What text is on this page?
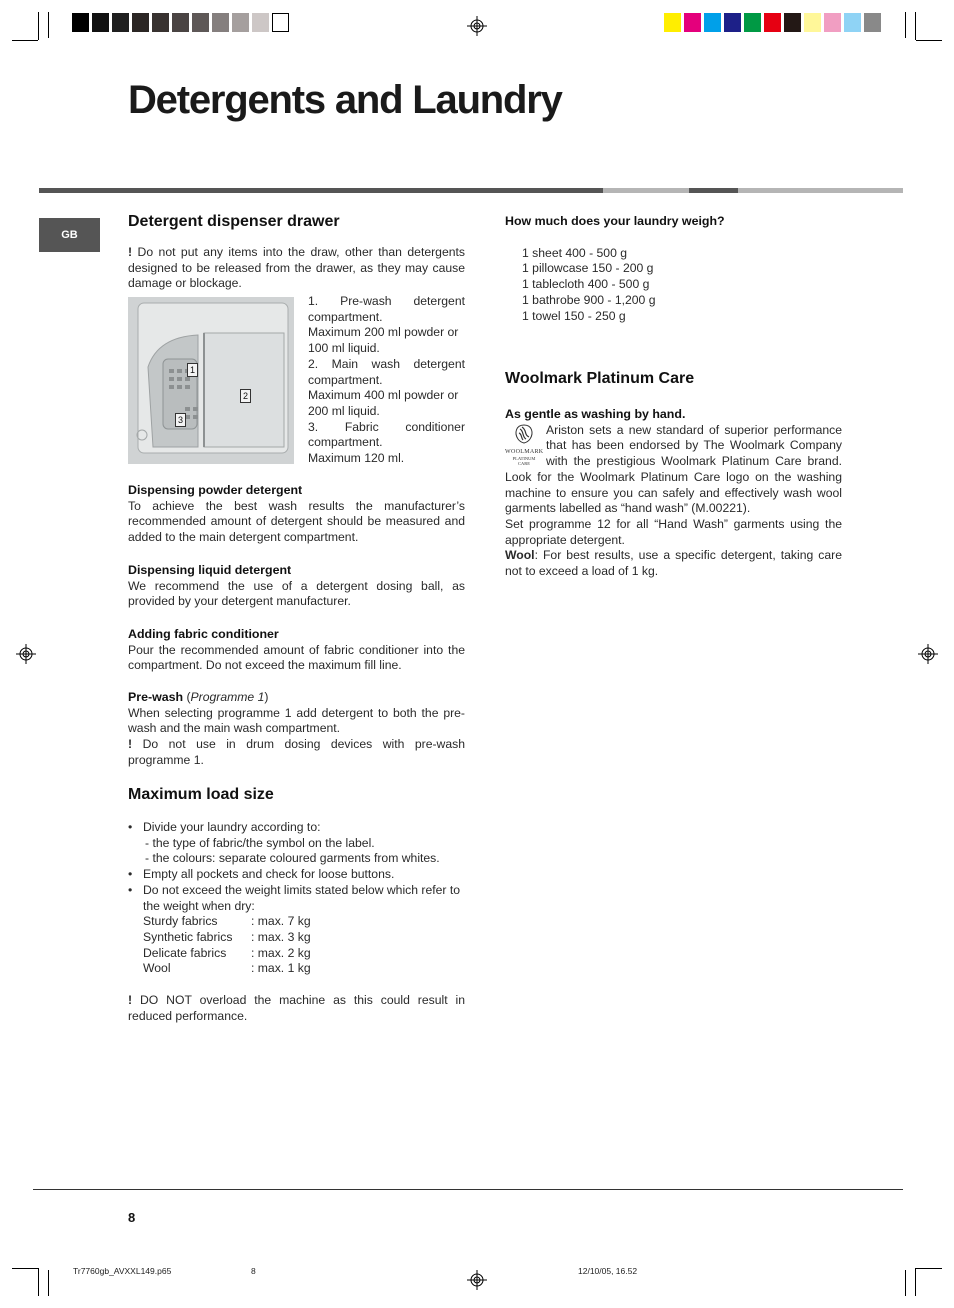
Detergents and Laundry
GB
Detergent dispenser drawer

! Do not put any items into the draw, other than detergents designed to be released from the drawer, as they may cause damage or blockage.

1
2
3
1. Pre-wash detergent compartment.
Maximum 200 ml powder or 100 ml liquid.
2. Main wash detergent compartment.
Maximum 400 ml powder or 200 ml liquid.
3. Fabric conditioner compartment.
Maximum 120 ml.
Dispensing powder detergent

To achieve the best wash results the manufacturer’s recommended amount of detergent should be measured and added to the main detergent compartment.

Dispensing liquid detergent

We recommend the use of a detergent dosing ball, as provided by your detergent manufacturer.

Adding fabric conditioner

Pour the recommended amount of fabric conditioner into the compartment. Do not exceed the maximum fill line.

Pre-wash (Programme 1)

When selecting programme 1 add detergent to both the pre-wash and the main wash compartment.

! Do not use in drum dosing devices with pre-wash programme 1.

Maximum load size
• Divide your laundry according to:
- the type of fabric/the symbol on the label.
- the colours: separate coloured garments from whites.
• Empty all pockets and check for loose buttons.
• Do not exceed the weight limits stated below which refer to the weight when dry:
Sturdy fabrics	: max. 7 kg
Synthetic fabrics	: max. 3 kg
Delicate fabrics	: max. 2 kg
Wool	: max. 1 kg

! DO NOT overload the machine as this could result in reduced performance.

How much does your laundry weigh?
1 sheet 400 - 500 g
1 pillowcase 150 - 200 g
1 tablecloth 400 - 500 g
1 bathrobe 900 - 1,200 g
1 towel 150 - 250 g
Woolmark Platinum Care
As gentle as washing by hand.
WOOLMARK
PLATINUM
CARE

Ariston sets a new standard of superior performance that has been endorsed by The Woolmark Company with the prestigious Woolmark Platinum Care brand. Look for the Woolmark Platinum Care logo on the washing machine to ensure you can safely and effectively wash wool garments labelled as “hand wash” (M.00221).

Set programme 12 for all “Hand Wash” garments using the appropriate detergent.

Wool: For best results, use a specific detergent, taking care not to exceed a load of 1 kg.

8
Tr7760gb_AVXXL149.p65	8	12/10/05, 16.52
